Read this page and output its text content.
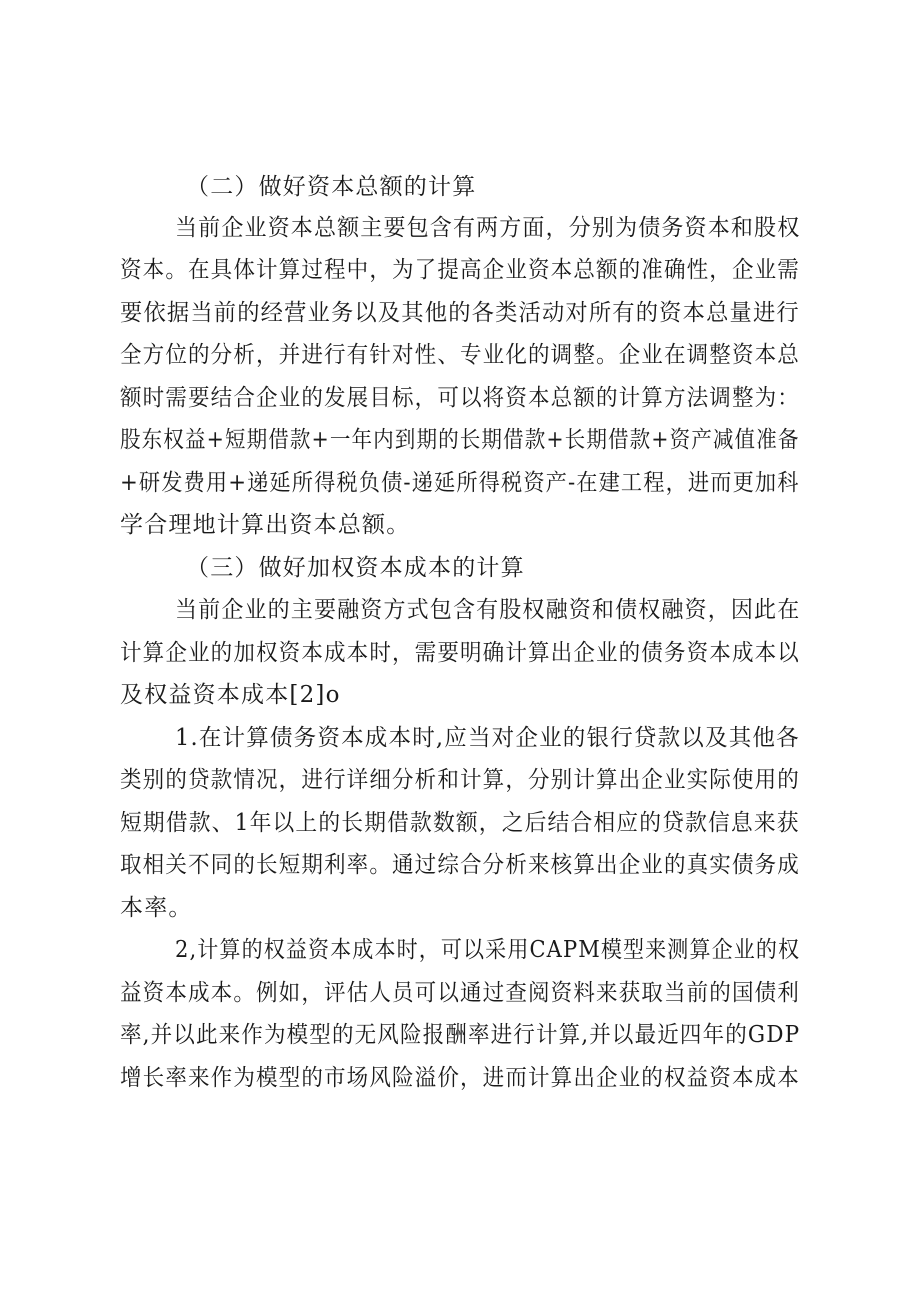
（二）做好资本总额的计算
当前企业资本总额主要包含有两方面，分别为债务资本和股权
资本。在具体计算过程中，为了提高企业资本总额的准确性，企业需
要依据当前的经营业务以及其他的各类活动对所有的资本总量进行
全方位的分析，并进行有针对性、专业化的调整。企业在调整资本总
额时需要结合企业的发展目标，可以将资本总额的计算方法调整为：
股东权益+短期借款+一年内到期的长期借款+长期借款+资产减值准备
+研发费用+递延所得税负债-递延所得税资产-在建工程，进而更加科
学合理地计算出资本总额。
（三）做好加权资本成本的计算
当前企业的主要融资方式包含有股权融资和债权融资，因此在
计算企业的加权资本成本时，需要明确计算出企业的债务资本成本以
及权益资本成本[2]o
1.在计算债务资本成本时,应当对企业的银行贷款以及其他各
类别的贷款情况，进行详细分析和计算，分别计算出企业实际使用的
短期借款、1年以上的长期借款数额，之后结合相应的贷款信息来获
取相关不同的长短期利率。通过综合分析来核算出企业的真实债务成
本率。
2,计算的权益资本成本时，可以采用CAPM模型来测算企业的权
益资本成本。例如，评估人员可以通过查阅资料来获取当前的国债利
率,并以此来作为模型的无风险报酬率进行计算,并以最近四年的GDP
增长率来作为模型的市场风险溢价，进而计算出企业的权益资本成本
